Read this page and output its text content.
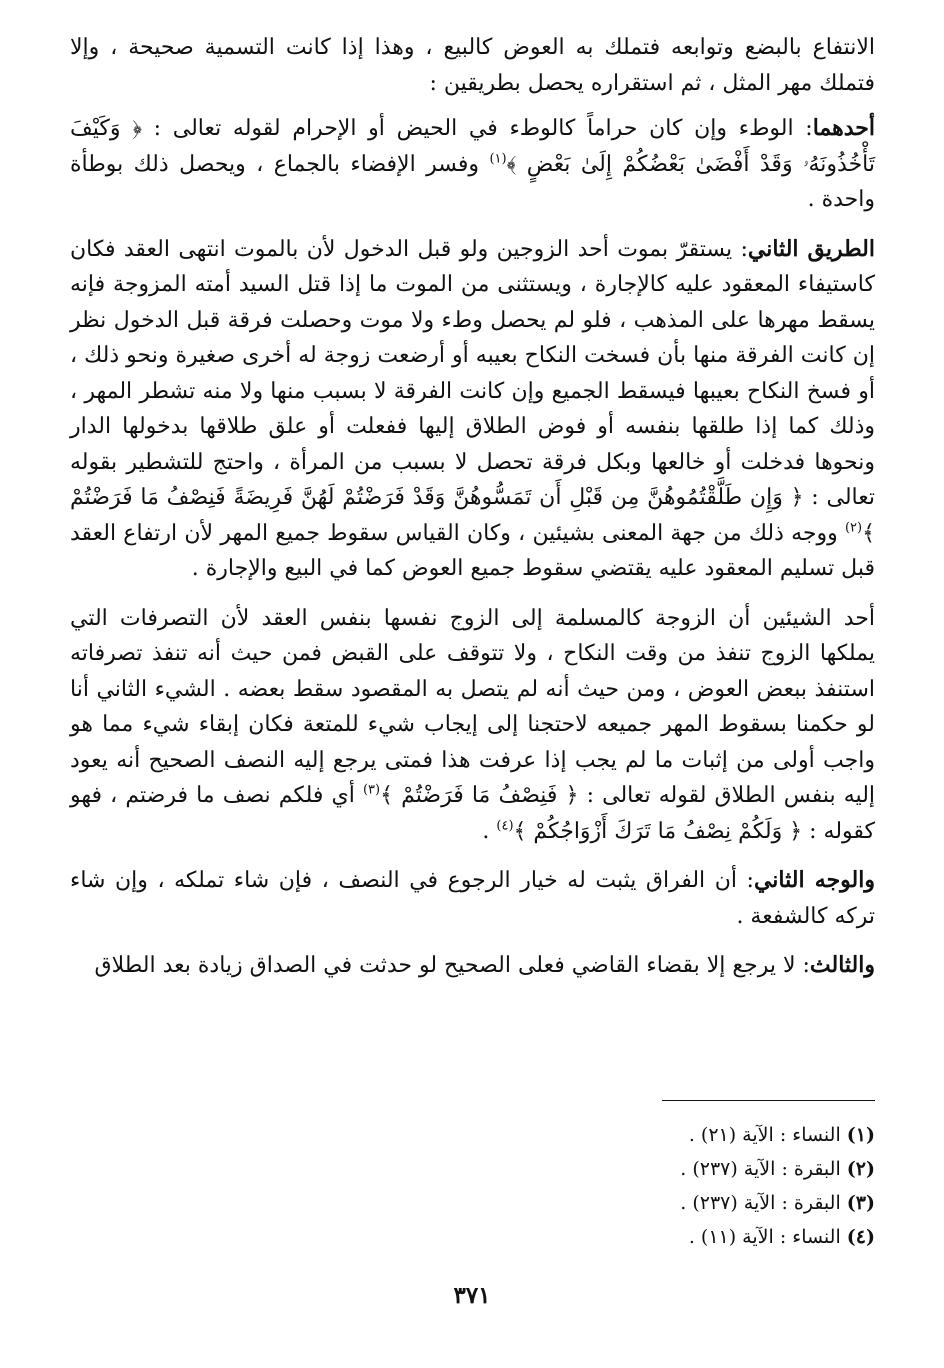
الانتفاع بالبضع وتوابعه فتملك به العوض كالبيع ، وهذا إذا كانت التسمية صحيحة ، وإلا فتملك مهر المثل ، ثم استقراره يحصل بطريقين :

أحدهما: الوطء وإن كان حراماً كالوطء في الحيض أو الإحرام لقوله تعالى : ﴿ وَكَيْفَ تَأْخُذُونَهُۥ وَقَدْ أَفْضَىٰ بَعْضُكُمْ إِلَىٰ بَعْضٍ ﴾$^{(١)}$ وفسر الإفضاء بالجماع ، ويحصل ذلك بوطأة واحدة .

الطريق الثاني: يستقرّ بموت أحد الزوجين ولو قبل الدخول لأن بالموت انتهى العقد فكان كاستيفاء المعقود عليه كالإجارة ، ويستثنى من الموت ما إذا قتل السيد أمته المزوجة فإنه يسقط مهرها على المذهب ، فلو لم يحصل وطء ولا موت وحصلت فرقة قبل الدخول نظر إن كانت الفرقة منها بأن فسخت النكاح بعيبه أو أرضعت زوجة له أخرى صغيرة ونحو ذلك ، أو فسخ النكاح بعيبها فيسقط الجميع وإن كانت الفرقة لا بسبب منها ولا منه تشطر المهر ، وذلك كما إذا طلقها بنفسه أو فوض الطلاق إليها ففعلت أو علق طلاقها بدخولها الدار ونحوها فدخلت أو خالعها وبكل فرقة تحصل لا بسبب من المرأة ، واحتج للتشطير بقوله تعالى : ﴿ وَإِن طَلَّقْتُمُوهُنَّ مِن قَبْلِ أَن تَمَسُّوهُنَّ وَقَدْ فَرَضْتُمْ لَهُنَّ فَرِيضَةً فَنِصْفُ مَا فَرَضْتُمْ ﴾$^{(٢)}$ ووجه ذلك من جهة المعنى بشيئين ، وكان القياس سقوط جميع المهر لأن ارتفاع العقد قبل تسليم المعقود عليه يقتضي سقوط جميع العوض كما في البيع والإجارة .

أحد الشيئين أن الزوجة كالمسلمة إلى الزوج نفسها بنفس العقد لأن التصرفات التي يملكها الزوج تنفذ من وقت النكاح ، ولا تتوقف على القبض فمن حيث أنه تنفذ تصرفاته استنفذ ببعض العوض ، ومن حيث أنه لم يتصل به المقصود سقط بعضه . الشيء الثاني أنا لو حكمنا بسقوط المهر جميعه لاحتجنا إلى إيجاب شيء للمتعة فكان إبقاء شيء مما هو واجب أولى من إثبات ما لم يجب إذا عرفت هذا فمتى يرجع إليه النصف الصحيح أنه يعود إليه بنفس الطلاق لقوله تعالى : ﴿ فَنِصْفُ مَا فَرَضْتُمْ ﴾$^{(٣)}$ أي فلكم نصف ما فرضتم ، فهو كقوله : ﴿ وَلَكُمْ نِصْفُ مَا تَرَكَ أَزْوَاجُكُمْ ﴾$^{(٤)}$ .

والوجه الثاني: أن الفراق يثبت له خيار الرجوع في النصف ، فإن شاء تملكه ، وإن شاء تركه كالشفعة .

والثالث: لا يرجع إلا بقضاء القاضي فعلى الصحيح لو حدثت في الصداق زيادة بعد الطلاق

(١) النساء : الآية (٢١) .
(٢) البقرة : الآية (٢٣٧) .
(٣) البقرة : الآية (٢٣٧) .
(٤) النساء : الآية (١١) .
٣٧١
